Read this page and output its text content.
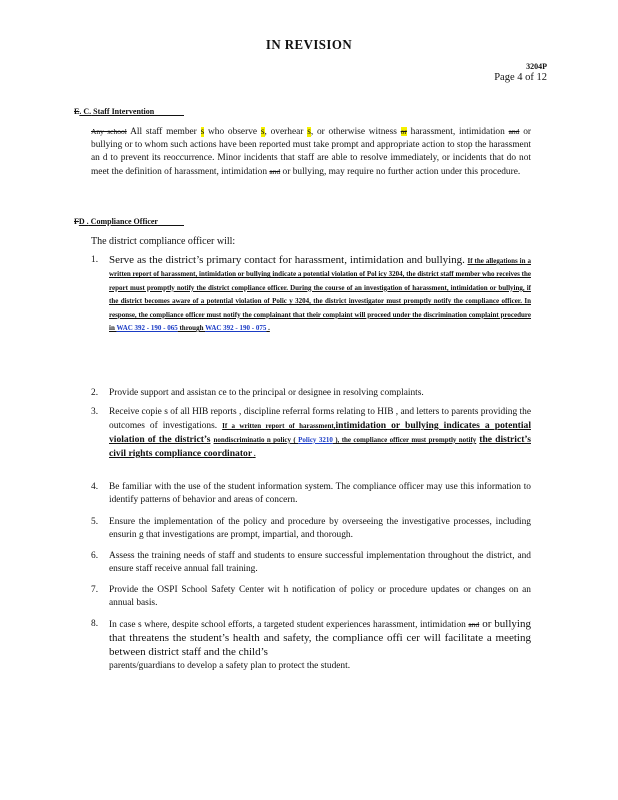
IN REVISION
3204P
Page 4 of 12
E. C. Staff Intervention
Any school All staff member s who observe s, overhear s, or otherwise witness or harassment, intimidation and or bullying or to whom such actions have been reported must take prompt and appropriate action to stop the harassment an d to prevent its reoccurrence. Minor incidents that staff are able to resolve immediately, or incidents that do not meet the definition of harassment, intimidation and or bullying, may require no further action under this procedure.
FD . Compliance Officer
The district compliance officer will:
1. Serve as the district’s primary contact for harassment, intimidation and bullying. If the allegations in a written report of harassment, intimidation or bullying indicate a potential violation of Pol icy 3204, the district staff member who receives the report must promptly notify the district compliance officer. During the course of an investigation of harassment, intimidation or bullying, if the district becomes aware of a potential violation of Polic y 3204, the district investigator must promptly notify the compliance officer. In response, the compliance officer must notify the complainant that their complaint will proceed under the discrimination complaint procedure in WAC 392 - 190 - 065 through WAC 392 - 190 - 075 .
2. Provide support and assistan ce to the principal or designee in resolving complaints.
3. Receive copie s of all HIB reports , discipline referral forms relating to HIB , and letters to parents providing the outcomes of investigations. If a written report of harassment,intimidation or bullying indicates a potential violation of the district’s nondiscriminatio n policy ( Policy 3210 ), the compliance officer must promptly notify the district’s civil rights compliance coordinator .
4. Be familiar with the use of the student information system. The compliance officer may use this information to identify patterns of behavior and areas of concern.
5. Ensure the implementation of the policy and procedure by overseeing the investigative processes, including ensurin g that investigations are prompt, impartial, and thorough.
6. Assess the training needs of staff and students to ensure successful implementation throughout the district, and ensure staff receive annual fall training.
7. Provide the OSPI School Safety Center wit h notification of policy or procedure updates or changes on an annual basis.
8. In case s where, despite school efforts, a targeted student experiences harassment, intimidation and or bullying that threatens the student’s health and safety, the compliance offi cer will facilitate a meeting between district staff and the child’s
parents/guardians to develop a safety plan to protect the student.
